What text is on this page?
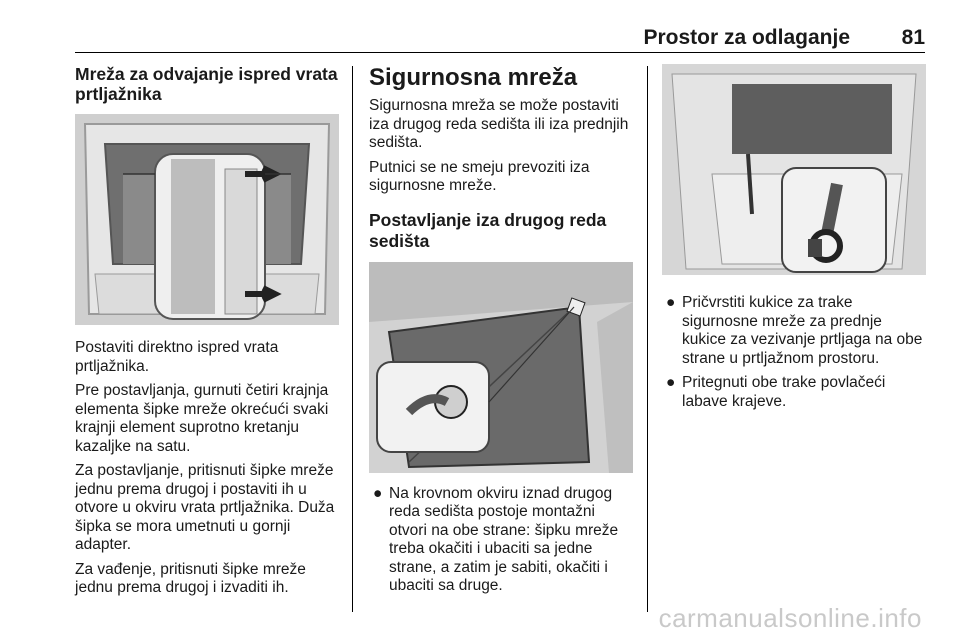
Prostor za odlaganje 81
Mreža za odvajanje ispred vrata prtljažnika

Postaviti direktno ispred vrata prtljažnika.

Pre postavljanja, gurnuti četiri krajnja elementa šipke mreže okrećući svaki krajnji element suprotno kretanju kazaljke na satu.

Za postavljanje, pritisnuti šipke mreže jednu prema drugoj i postaviti ih u otvore u okviru vrata prtljažnika. Duža šipka se mora umetnuti u gornji adapter.

Za vađenje, pritisnuti šipke mreže jednu prema drugoj i izvaditi ih.

Sigurnosna mreža

Sigurnosna mreža se može postaviti iza drugog reda sedišta ili iza prednjih sedišta.

Putnici se ne smeju prevoziti iza sigurnosne mreže.

Postavljanje iza drugog reda sedišta
● Na krovnom okviru iznad drugog reda sedišta postoje montažni otvori na obe strane: šipku mreže treba okačiti i ubaciti sa jedne strane, a zatim je sabiti, okačiti i ubaciti sa druge.
● Pričvrstiti kukice za trake sigurnosne mreže za prednje kukice za vezivanje prtljaga na obe strane u prtljažnom prostoru.
● Pritegnuti obe trake povlačeći labave krajeve.
carmanualsonline.info
